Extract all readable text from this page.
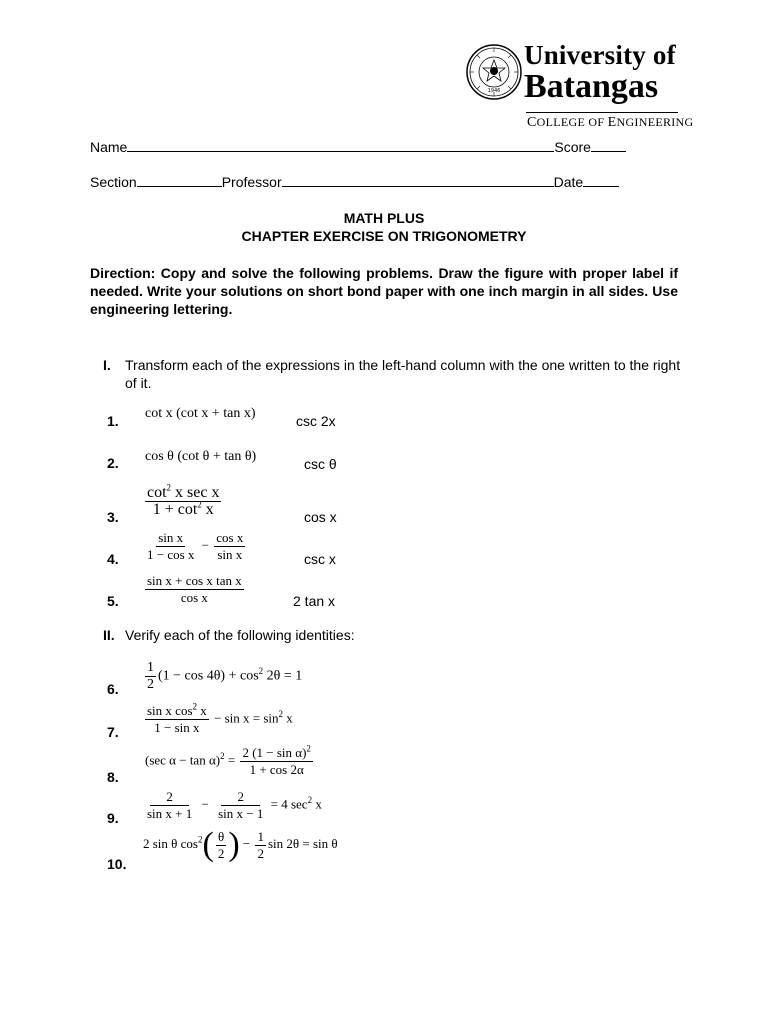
1946
University of
Batangas
COLLEGE OF ENGINEERING
Name	Score
Section	Professor	Date
MATH PLUS
CHAPTER EXERCISE ON TRIGONOMETRY
Direction: Copy and solve the following problems. Draw the figure with proper label if needed. Write your solutions on short bond paper with one inch margin in all sides. Use engineering lettering.
I. Transform each of the expressions in the left-hand column with the one written to the right of it.
1. cot x (cot x + tan x)	csc 2x
2. cos θ (cot θ + tan θ)	csc θ
3. $\frac{\cot^2 x \sec x}{1 + \cot^2 x}$	cos x
4. $\frac{\text{sin x}}{\text{1 − cos x}} - \frac{\text{cos x}}{\text{sin x}}$	csc x
5. $\frac{\text{sin x + cos x tan x}}{\text{cos x}}$	2 tan x
II. Verify each of the following identities:
6. $\frac{1}{2} (1 - \cos 4\theta) + \cos^2 2\theta = 1$
7. $\frac{\sin x \cos^2 x}{\text{1 − sin x}} - \sin x = \sin^2 x$
8.
(sec $\alpha - \tan \alpha)^2 = \frac{2 (1 - \sin \alpha)^2}{1 + \cos 2\alpha}$
9. $\frac{2}{\text{sin x + 1}} - \frac{2}{\text{sin x − 1}} = 4$ $\sec^2 x$
10.
2 sin θ $\cos^2( \frac{\theta}{2}$ ) − $\frac{1}{2}$ sin 2θ = sin θ
